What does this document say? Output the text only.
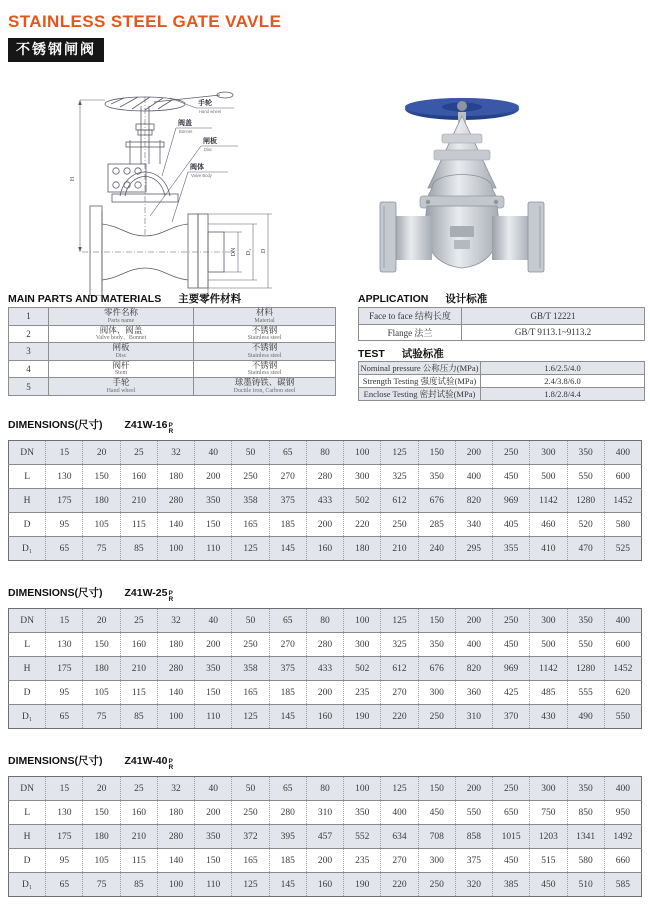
STAINLESS STEEL GATE VAVLE
不锈钢闸阀
H
DN D₁ D
手轮
Hand wheel
阀盖
Bonnet
闸板
Disc
阀体
Valve Body
MAIN PARTS AND MATERIALS 主要零件材料
1	零件名称
Parts name	材料
Material

2	阀体、阀盖
Valve body、Bonnet	不锈钢
Stainless steel

3	闸板
Disc	不锈钢
Stainless steel

4	阀杆
Stem	不锈钢
Stainless steel

5	手轮
Hand wheel	球墨铸铁、碳钢
Ductile iron, Carbon steel
APPLICATION 设计标准
Face to face 结构长度	GB/T 12221
Flange 法兰	GB/T 9113.1~9113.2
TEST 试验标准
Nominal pressure 公称压力(MPa)	1.6/2.5/4.0
Strength Testing 强度试验(MPa)	2.4/3.8/6.0
Enclose Testing 密封试验(MPa)	1.8/2.8/4.4
DIMENSIONS(尺寸) Z41W-16 P
R
DN	15	20	25	32	40	50	65	80	100	125	150	200	250	300	350	400
L	130	150	160	180	200	250	270	280	300	325	350	400	450	500	550	600
H	175	180	210	280	350	358	375	433	502	612	676	820	969	1142	1280	1452
D	95	105	115	140	150	165	185	200	220	250	285	340	405	460	520	580
D₁	65	75	85	100	110	125	145	160	180	210	240	295	355	410	470	525
DIMENSIONS(尺寸) Z41W-25 P
R
DN	15	20	25	32	40	50	65	80	100	125	150	200	250	300	350	400
L	130	150	160	180	200	250	270	280	300	325	350	400	450	500	550	600
H	175	180	210	280	350	358	375	433	502	612	676	820	969	1142	1280	1452
D	95	105	115	140	150	165	185	200	235	270	300	360	425	485	555	620
D₁	65	75	85	100	110	125	145	160	190	220	250	310	370	430	490	550
DIMENSIONS(尺寸) Z41W-40 P
R
DN	15	20	25	32	40	50	65	80	100	125	150	200	250	300	350	400
L	130	150	160	180	200	250	280	310	350	400	450	550	650	750	850	950
H	175	180	210	280	350	372	395	457	552	634	708	858	1015	1203	1341	1492
D	95	105	115	140	150	165	185	200	235	270	300	375	450	515	580	660
D₁	65	75	85	100	110	125	145	160	190	220	250	320	385	450	510	585
